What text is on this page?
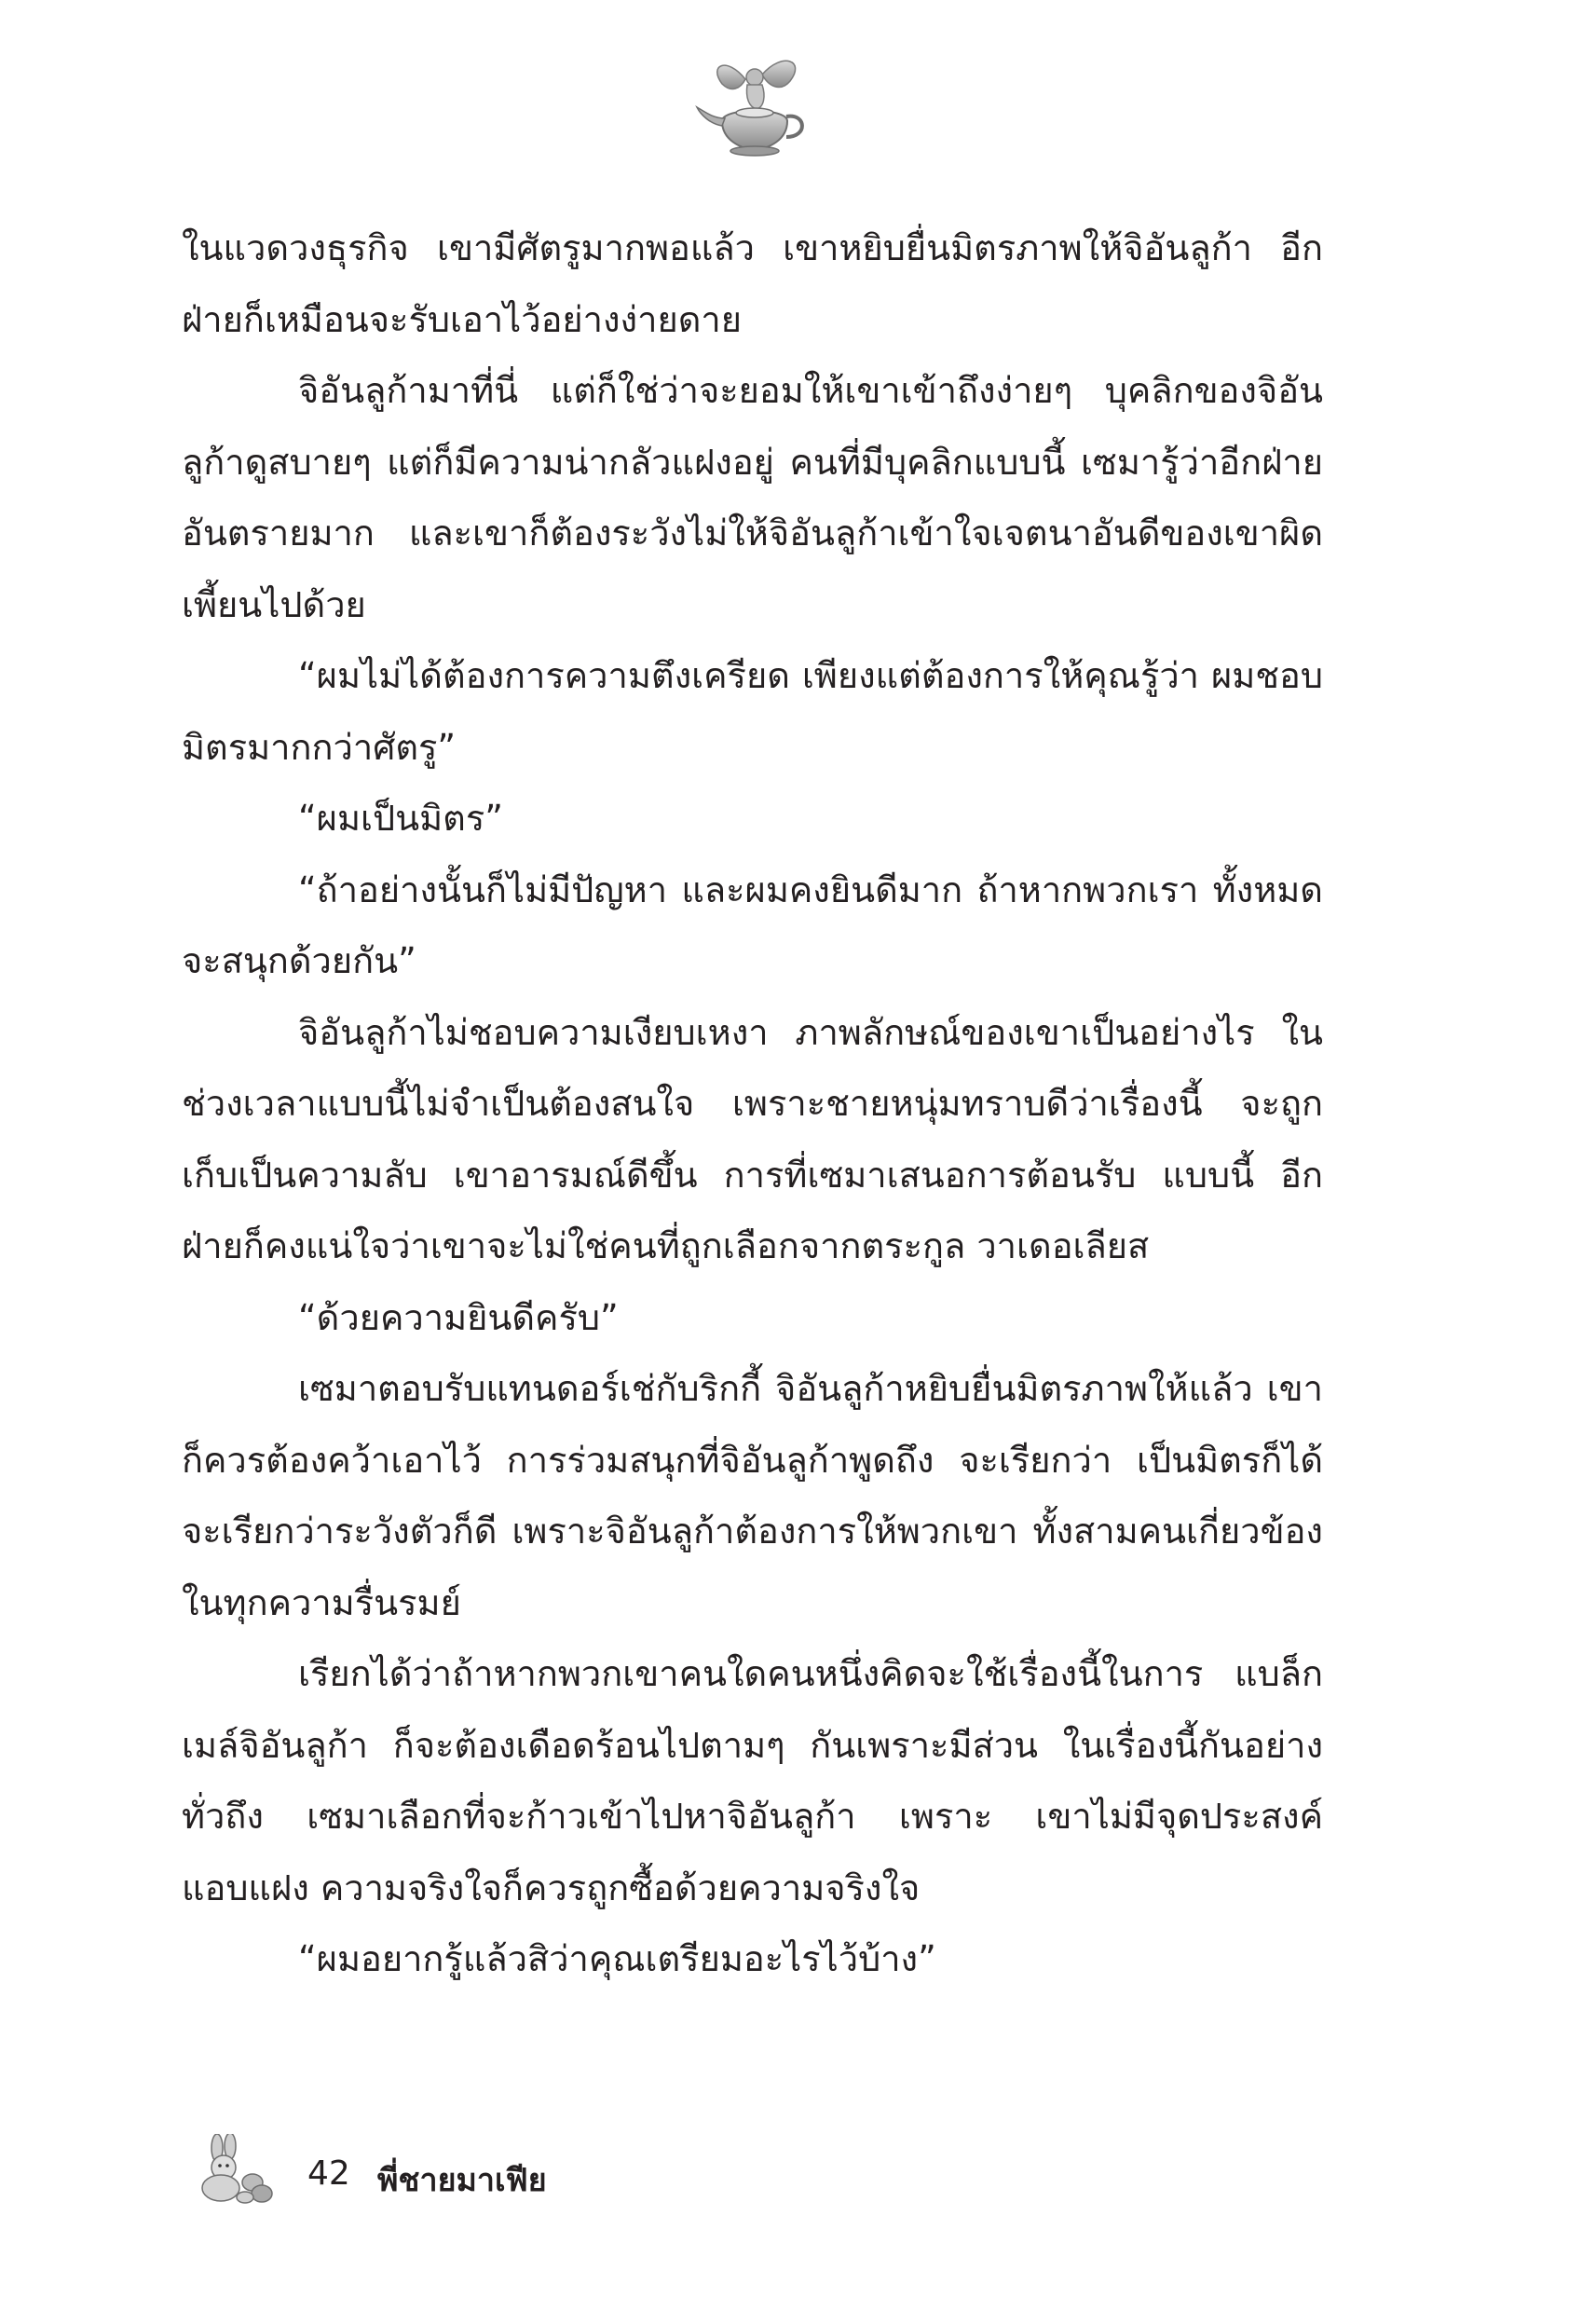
ในแวดวงธุรกิจ เขามีศัตรูมากพอแล้ว เขาหยิบยื่นมิตรภาพให้จิอันลูก้า อีกฝ่ายก็เหมือนจะรับเอาไว้อย่างง่ายดาย

จิอันลูก้ามาที่นี่ แต่ก็ใช่ว่าจะยอมให้เขาเข้าถึงง่ายๆ บุคลิกของจิอันลูก้าดูสบายๆ แต่ก็มีความน่ากลัวแฝงอยู่ คนที่มีบุคลิกแบบนี้ เซมารู้ว่าอีกฝ่ายอันตรายมาก และเขาก็ต้องระวังไม่ให้จิอันลูก้าเข้าใจเจตนาอันดีของเขาผิดเพี้ยนไปด้วย

“ผมไม่ได้ต้องการความตึงเครียด เพียงแต่ต้องการให้คุณรู้ว่า ผมชอบมิตรมากกว่าศัตรู”

“ผมเป็นมิตร”

“ถ้าอย่างนั้นก็ไม่มีปัญหา และผมคงยินดีมาก ถ้าหากพวกเรา ทั้งหมดจะสนุกด้วยกัน”

จิอันลูก้าไม่ชอบความเงียบเหงา ภาพลักษณ์ของเขาเป็นอย่างไร ในช่วงเวลาแบบนี้ไม่จำเป็นต้องสนใจ เพราะชายหนุ่มทราบดีว่าเรื่องนี้ จะถูกเก็บเป็นความลับ เขาอารมณ์ดีขึ้น การที่เซมาเสนอการต้อนรับ แบบนี้ อีกฝ่ายก็คงแน่ใจว่าเขาจะไม่ใช่คนที่ถูกเลือกจากตระกูล วาเดอเลียส

“ด้วยความยินดีครับ”

เซมาตอบรับแทนดอร์เช่กับริกกี้ จิอันลูก้าหยิบยื่นมิตรภาพให้แล้ว เขาก็ควรต้องคว้าเอาไว้ การร่วมสนุกที่จิอันลูก้าพูดถึง จะเรียกว่า เป็นมิตรก็ได้ จะเรียกว่าระวังตัวก็ดี เพราะจิอันลูก้าต้องการให้พวกเขา ทั้งสามคนเกี่ยวข้องในทุกความรื่นรมย์

เรียกได้ว่าถ้าหากพวกเขาคนใดคนหนึ่งคิดจะใช้เรื่องนี้ในการ แบล็กเมล์จิอันลูก้า ก็จะต้องเดือดร้อนไปตามๆ กันเพราะมีส่วน ในเรื่องนี้กันอย่างทั่วถึง เซมาเลือกที่จะก้าวเข้าไปหาจิอันลูก้า เพราะ เขาไม่มีจุดประสงค์แอบแฝง ความจริงใจก็ควรถูกซื้อด้วยความจริงใจ

“ผมอยากรู้แล้วสิว่าคุณเตรียมอะไรไว้บ้าง”

42 พี่ชายมาเฟีย
